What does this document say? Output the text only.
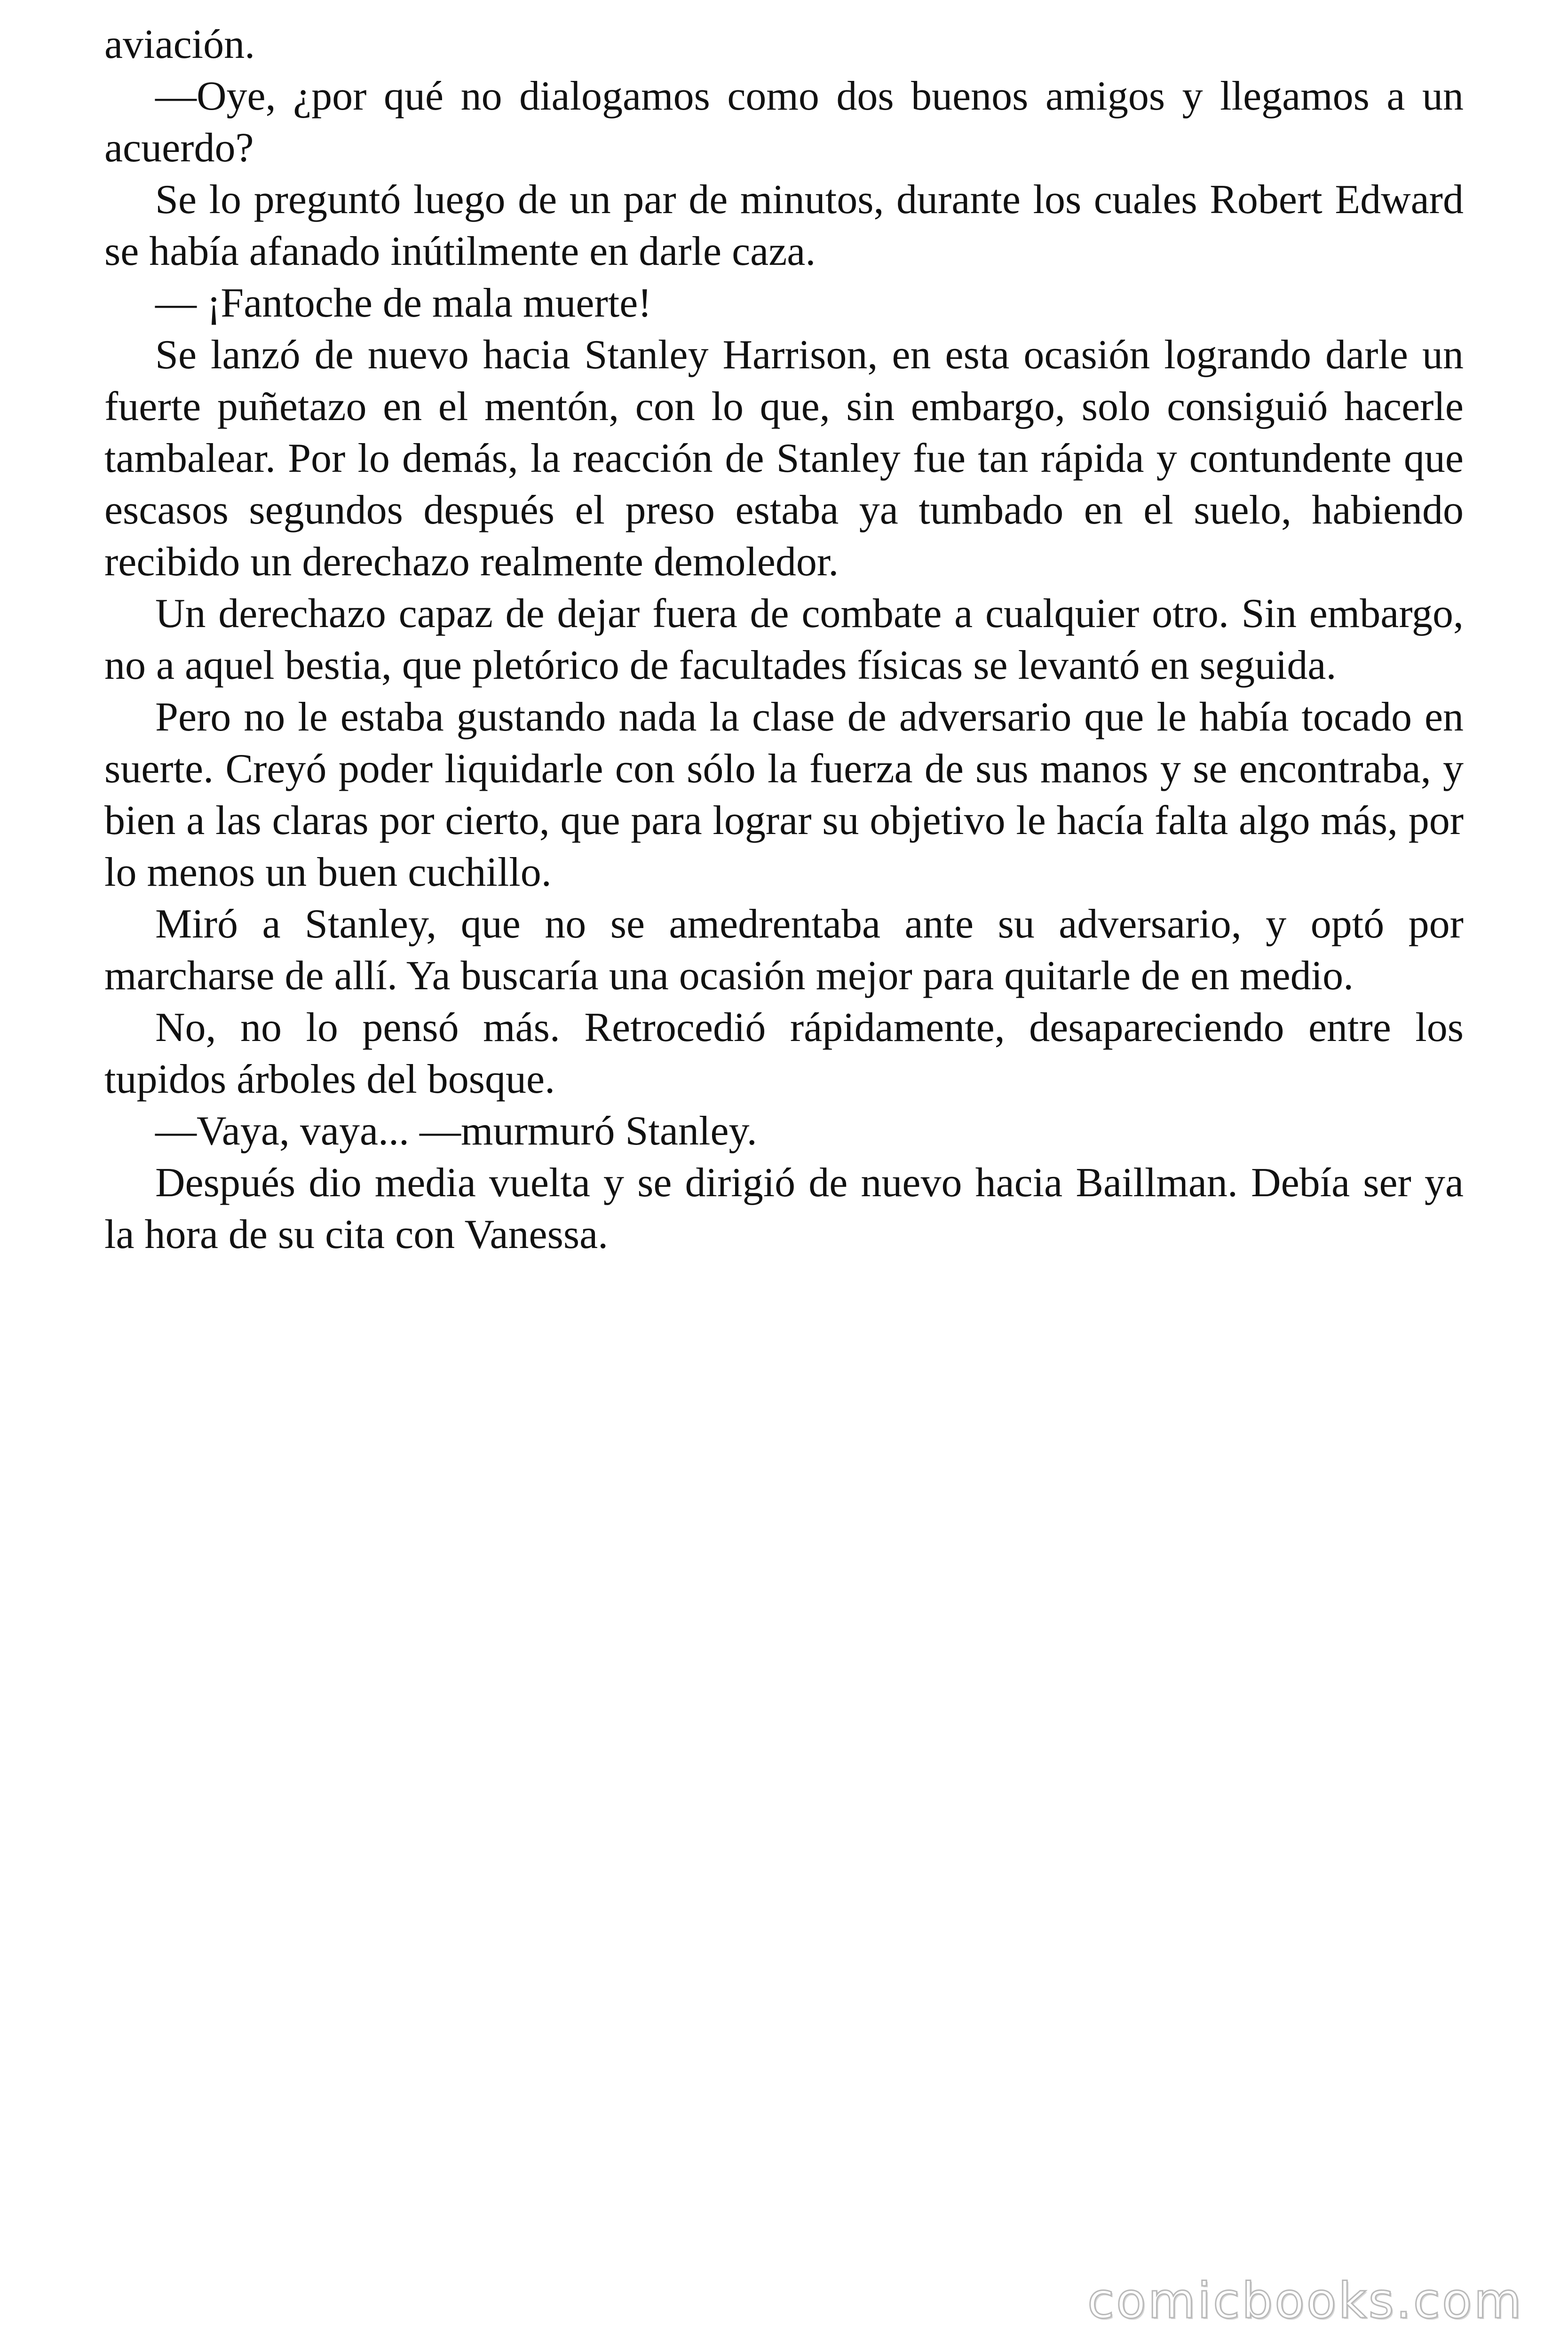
aviación.

—Oye, ¿por qué no dialogamos como dos buenos amigos y llegamos a un acuerdo?

Se lo preguntó luego de un par de minutos, durante los cuales Robert Edward se había afanado inútilmente en darle caza.

— ¡Fantoche de mala muerte!

Se lanzó de nuevo hacia Stanley Harrison, en esta ocasión logrando darle un fuerte puñetazo en el mentón, con lo que, sin embargo, solo consiguió hacerle tambalear. Por lo demás, la reacción de Stanley fue tan rápida y contundente que escasos segundos después el preso estaba ya tumbado en el suelo, habiendo recibido un derechazo realmente demoledor.

Un derechazo capaz de dejar fuera de combate a cualquier otro. Sin embargo, no a aquel bestia, que pletórico de facultades físicas se levantó en seguida.

Pero no le estaba gustando nada la clase de adversario que le había tocado en suerte. Creyó poder liquidarle con sólo la fuerza de sus manos y se encontraba, y bien a las claras por cierto, que para lograr su objetivo le hacía falta algo más, por lo menos un buen cuchillo.

Miró a Stanley, que no se amedrentaba ante su adversario, y optó por marcharse de allí. Ya buscaría una ocasión mejor para quitarle de en medio.

No, no lo pensó más. Retrocedió rápidamente, desapareciendo entre los tupidos árboles del bosque.

—Vaya, vaya... —murmuró Stanley.

Después dio media vuelta y se dirigió de nuevo hacia Baillman. Debía ser ya la hora de su cita con Vanessa.

comicbooks.com
